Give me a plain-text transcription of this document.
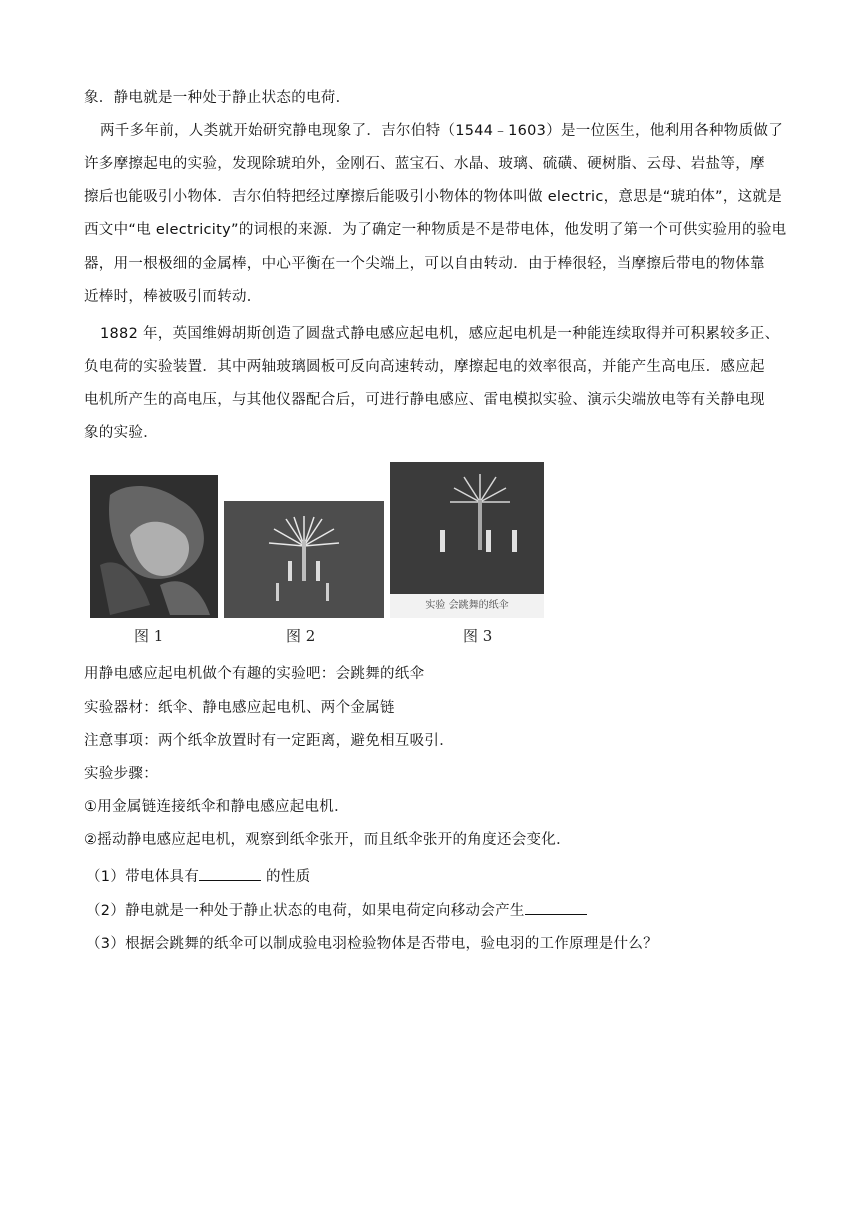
象．静电就是一种处于静止状态的电荷．
两千多年前，人类就开始研究静电现象了．吉尔伯特（1544﹣1603）是一位医生，他利用各种物质做了
许多摩擦起电的实验，发现除琥珀外，金刚石、蓝宝石、水晶、玻璃、硫磺、硬树脂、云母、岩盐等，摩
擦后也能吸引小物体．吉尔伯特把经过摩擦后能吸引小物体的物体叫做 electric，意思是“琥珀体”，这就是
西文中“电 electricity”的词根的来源．为了确定一种物质是不是带电体，他发明了第一个可供实验用的验电
器，用一根极细的金属棒，中心平衡在一个尖端上，可以自由转动．由于棒很轻，当摩擦后带电的物体靠
近棒时，棒被吸引而转动．
1882 年，英国维姆胡斯创造了圆盘式静电感应起电机，感应起电机是一种能连续取得并可积累较多正、
负电荷的实验装置．其中两轴玻璃圆板可反向高速转动，摩擦起电的效率很高，并能产生高电压．感应起
电机所产生的高电压，与其他仪器配合后，可进行静电感应、雷电模拟实验、演示尖端放电等有关静电现
象的实验．
图 1	图 2
实验 会跳舞的纸伞
图 3
用静电感应起电机做个有趣的实验吧：会跳舞的纸伞
实验器材：纸伞、静电感应起电机、两个金属链
注意事项：两个纸伞放置时有一定距离，避免相互吸引．
实验步骤：
①用金属链连接纸伞和静电感应起电机．
②摇动静电感应起电机，观察到纸伞张开，而且纸伞张开的角度还会变化．
（1）带电体具有	的性质
（2）静电就是一种处于静止状态的电荷，如果电荷定向移动会产生
（3）根据会跳舞的纸伞可以制成验电羽检验物体是否带电，验电羽的工作原理是什么？
